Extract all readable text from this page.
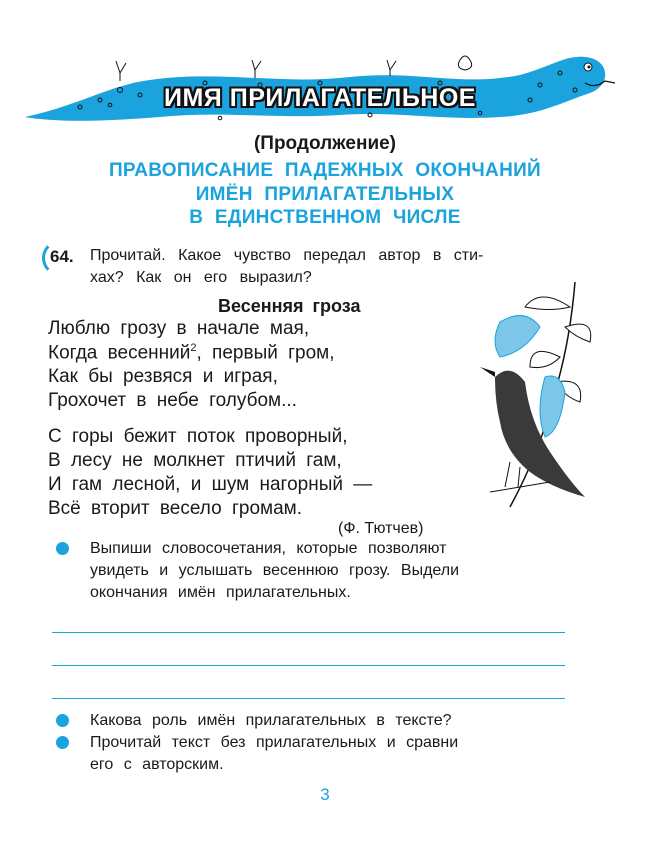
ИМЯ ПРИЛАГАТЕЛЬНОЕ
(Продолжение)
ПРАВОПИСАНИЕ ПАДЕЖНЫХ ОКОНЧАНИЙ
ИМЁН ПРИЛАГАТЕЛЬНЫХ
В ЕДИНСТВЕННОМ ЧИСЛЕ
64. Прочитай. Какое чувство передал автор в сти-
хах? Как он его выразил?
Весенняя гроза
Люблю грозу в начале мая,
Когда весенний$^2$, первый гром,
Как бы резвяся и играя,
Грохочет в небе голубом...
С горы бежит поток проворный,
В лесу не молкнет птичий гам,
И гам лесной, и шум нагорный —
Всё вторит весело громам.
(Ф. Тютчев)
Выпиши словосочетания, которые позволяют
увидеть и услышать весеннюю грозу. Выдели
окончания имён прилагательных.
Какова роль имён прилагательных в тексте?
Прочитай текст без прилагательных и сравни
его с авторским.
3
